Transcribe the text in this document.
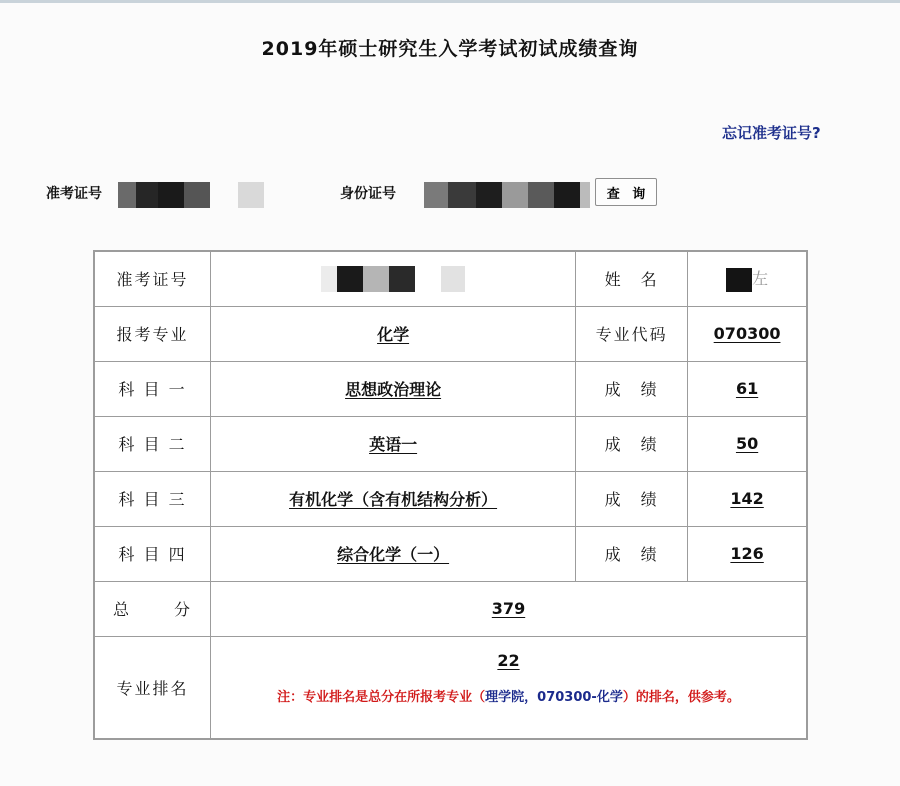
2019年硕士研究生入学考试初试成绩查询
忘记准考证号?
准考证号	身份证号	查 询
准考证号		姓　名	左
报考专业	化学	专业代码	070300
科 目 一	思想政治理论	成　绩	61
科 目 二	英语一	成　绩	50
科 目 三	有机化学（含有机结构分析）	成　绩	142
科 目 四	综合化学（一）	成　绩	126

总 分	379		
专业排名	22
注：专业排名是总分在所报考专业（理学院，070300-化学）的排名，供参考。		
